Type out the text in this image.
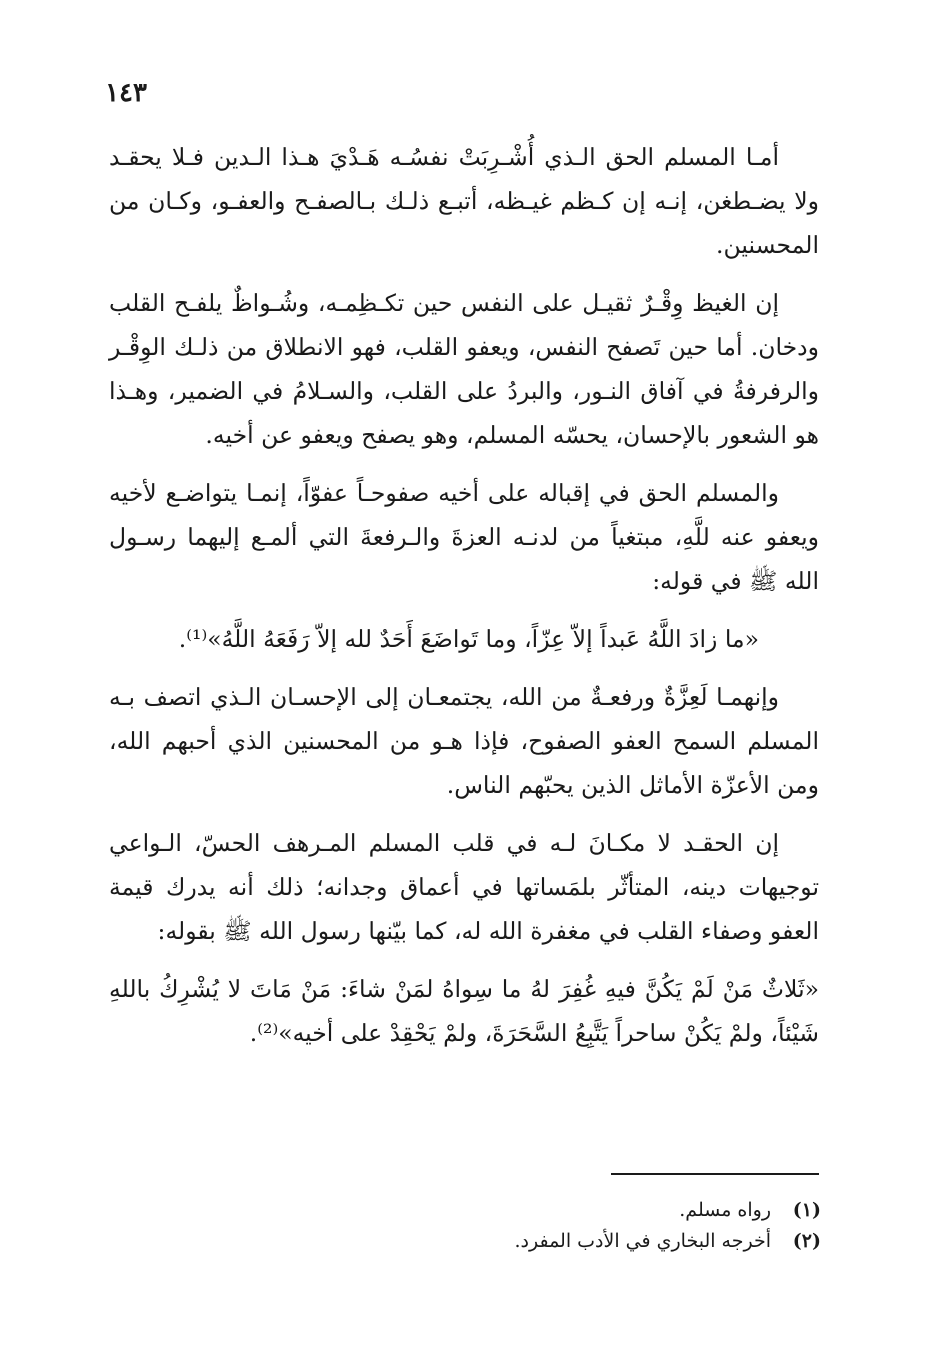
١٤٣

أمـا المسلم الحق الـذي أُشْـرِبَتْ نفسُـه هَـدْيَ هـذا الـدين فـلا يحقـد ولا يضـطغن، إنـه إن كـظم غيـظه، أتبـع ذلـك بـالصفـح والعفـو، وكـان من المحسنين.

إن الغيظ وِقْـرٌ ثقيـل على النفس حين تكـظِمـه، وشُـواظٌ يلفـح القلب ودخان. أما حين تَصفح النفس، ويعفو القلب، فهو الانطلاق من ذلـك الوِقْـر والرفرفةُ في آفاق النـور، والبردُ على القلب، والسـلامُ في الضمير، وهـذا هو الشعور بالإحسان، يحسّه المسلم، وهو يصفح ويعفو عن أخيه.

والمسلم الحق في إقباله على أخيه صفوحـاً عفوّاً، إنمـا يتواضـع لأخيه ويعفو عنه للَّهِ، مبتغياً من لدنـه العزةَ والـرفعةَ التي ألمـع إليهما رسـول الله ﷺ في قوله:

«ما زادَ اللَّهُ عَبداً إلاّ عِزّاً، وما تَواضَعَ أَحَدٌ لله إلاّ رَفَعَهُ اللَّهُ»⁽¹⁾.

وإنهمـا لَعِزَّةٌ ورفعـةٌ من الله، يجتمعـان إلى الإحسـان الـذي اتصف بـه المسلم السمح العفو الصفوح، فإذا هـو من المحسنين الذي أحبهم الله، ومن الأعزّة الأماثل الذين يحبّهم الناس.

إن الحقـد لا مكـانَ لـه في قلب المسلم المـرهف الحسّ، الـواعي توجيهات دينه، المتأثّر بلمَساتها في أعماق وجدانه؛ ذلك أنه يدرك قيمة العفو وصفاء القلب في مغفرة الله له، كما بيّنها رسول الله ﷺ بقوله:

«ثَلاثٌ مَنْ لَمْ يَكُنَّ فيهِ غُفِرَ لهُ ما سِواهُ لمَنْ شاءَ: مَنْ مَاتَ لا يُشْرِكُ باللهِ شَيْئاً، ولمْ يَكُنْ ساحراً يَتَّبِعُ السَّحَرَةَ، ولمْ يَحْقِدْ على أخيه»⁽²⁾.

(١)
رواه مسلم.
(٢)
أخرجه البخاري في الأدب المفرد.
